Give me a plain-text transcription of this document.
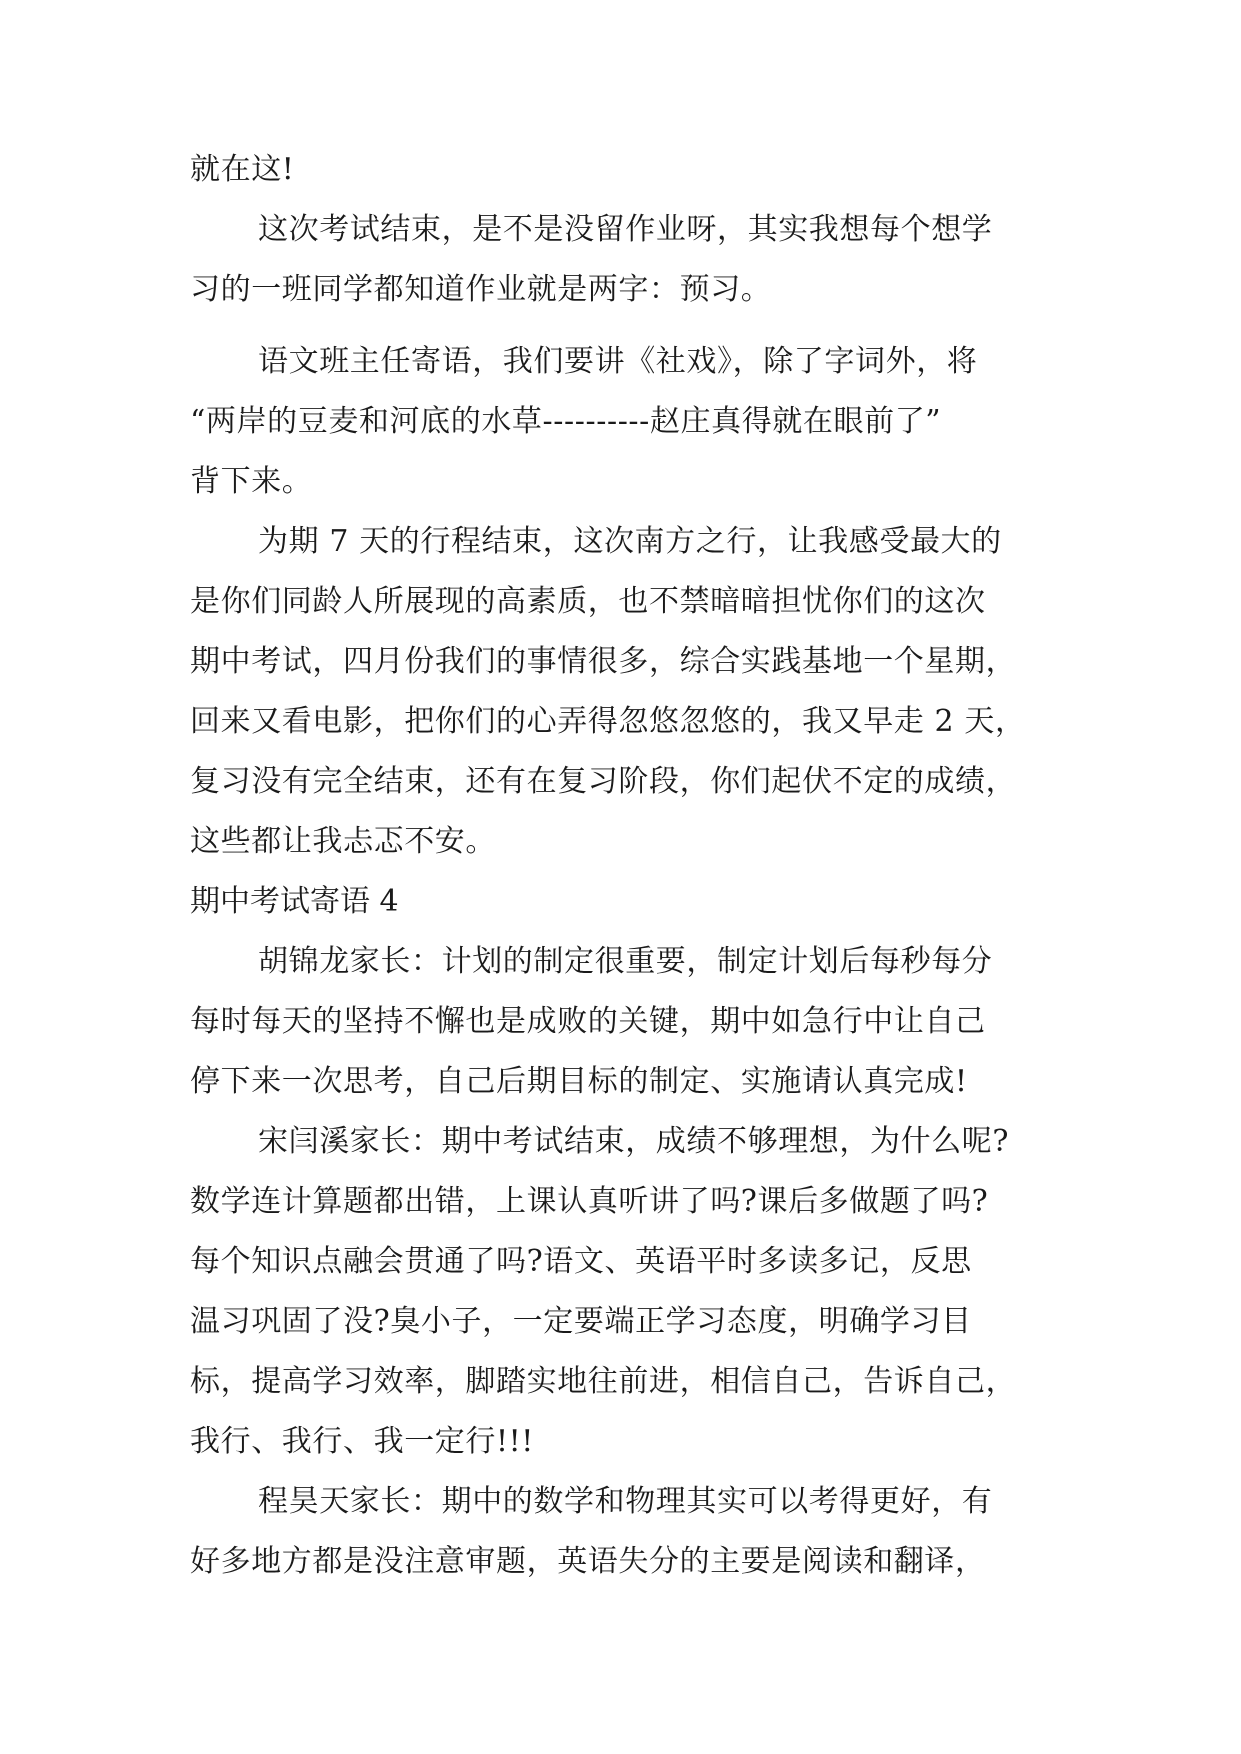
就在这!
这次考试结束，是不是没留作业呀，其实我想每个想学
习的一班同学都知道作业就是两字：预习。
语文班主任寄语，我们要讲《社戏》，除了字词外，将
“两岸的豆麦和河底的水草----------赵庄真得就在眼前了”
背下来。
为期 7 天的行程结束，这次南方之行，让我感受最大的
是你们同龄人所展现的高素质，也不禁暗暗担忧你们的这次
期中考试，四月份我们的事情很多，综合实践基地一个星期，
回来又看电影，把你们的心弄得忽悠忽悠的，我又早走 2 天，
复习没有完全结束，还有在复习阶段，你们起伏不定的成绩，
这些都让我忐忑不安。
期中考试寄语 4
胡锦龙家长：计划的制定很重要，制定计划后每秒每分
每时每天的坚持不懈也是成败的关键，期中如急行中让自己
停下来一次思考，自己后期目标的制定、实施请认真完成!
宋闫溪家长：期中考试结束，成绩不够理想，为什么呢?
数学连计算题都出错，上课认真听讲了吗?课后多做题了吗?
每个知识点融会贯通了吗?语文、英语平时多读多记，反思
温习巩固了没?臭小子，一定要端正学习态度，明确学习目
标，提高学习效率，脚踏实地往前进，相信自己，告诉自己，
我行、我行、我一定行!!!
程昊天家长：期中的数学和物理其实可以考得更好，有
好多地方都是没注意审题，英语失分的主要是阅读和翻译，
